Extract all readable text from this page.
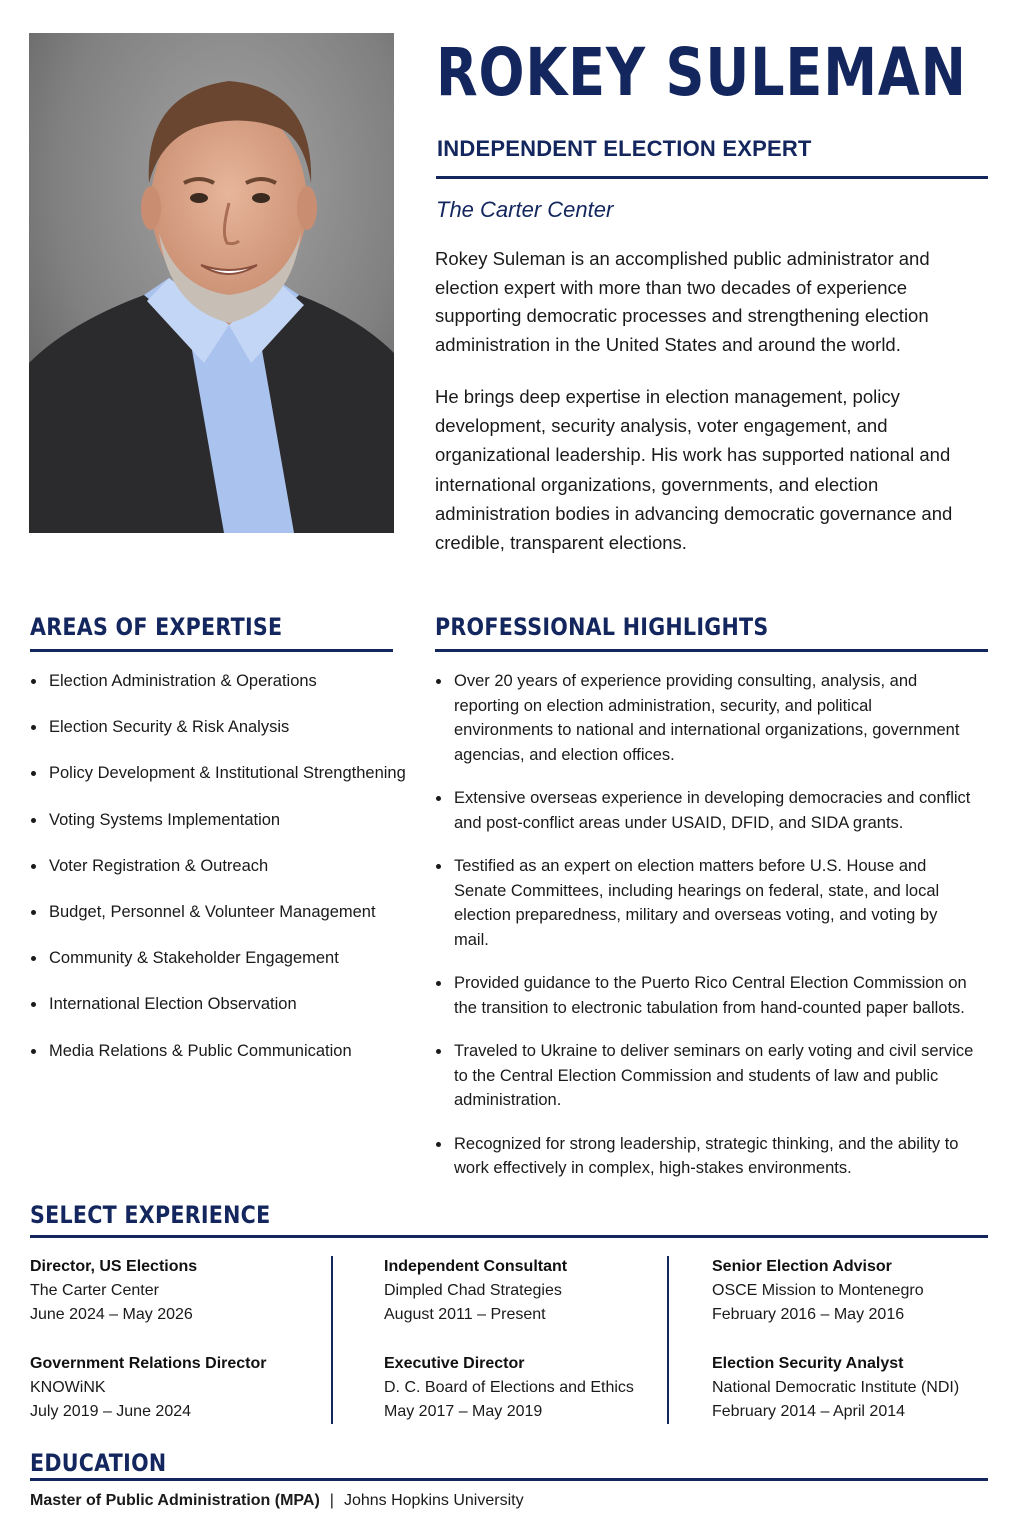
ROKEY SULEMAN
INDEPENDENT ELECTION EXPERT
The Carter Center

Rokey Suleman is an accomplished public administrator and election expert with more than two decades of experience supporting democratic processes and strengthening election administration in the United States and around the world.

He brings deep expertise in election management, policy development, security analysis, voter engagement, and organizational leadership. His work has supported national and international organizations, governments, and election administration bodies in advancing democratic governance and credible, transparent elections.

AREAS OF EXPERTISE
Election Administration & Operations
Election Security & Risk Analysis
Policy Development & Institutional Strengthening
Voting Systems Implementation
Voter Registration & Outreach
Budget, Personnel & Volunteer Management
Community & Stakeholder Engagement
International Election Observation
Media Relations & Public Communication
PROFESSIONAL HIGHLIGHTS
Over 20 years of experience providing consulting, analysis, and reporting on election administration, security, and political environments to national and international organizations, government agencias, and election offices.
Extensive overseas experience in developing democracies and conflict and post-conflict areas under USAID, DFID, and SIDA grants.
Testified as an expert on election matters before U.S. House and Senate Committees, including hearings on federal, state, and local election preparedness, military and overseas voting, and voting by mail.
Provided guidance to the Puerto Rico Central Election Commission on the transition to electronic tabulation from hand-counted paper ballots.
Traveled to Ukraine to deliver seminars on early voting and civil service to the Central Election Commission and students of law and public administration.
Recognized for strong leadership, strategic thinking, and the ability to work effectively in complex, high-stakes environments.
SELECT EXPERIENCE
Director, US Elections
The Carter Center
June 2024 – May 2026
Government Relations Director
KNOWiNK
July 2019 – June 2024
Independent Consultant
Dimpled Chad Strategies
August 2011 – Present
Executive Director
D. C. Board of Elections and Ethics
May 2017 – May 2019
Senior Election Advisor
OSCE Mission to Montenegro
February 2016 – May 2016
Election Security Analyst
National Democratic Institute (NDI)
February 2014 – April 2014
EDUCATION
Master of Public Administration (MPA) | Johns Hopkins University
